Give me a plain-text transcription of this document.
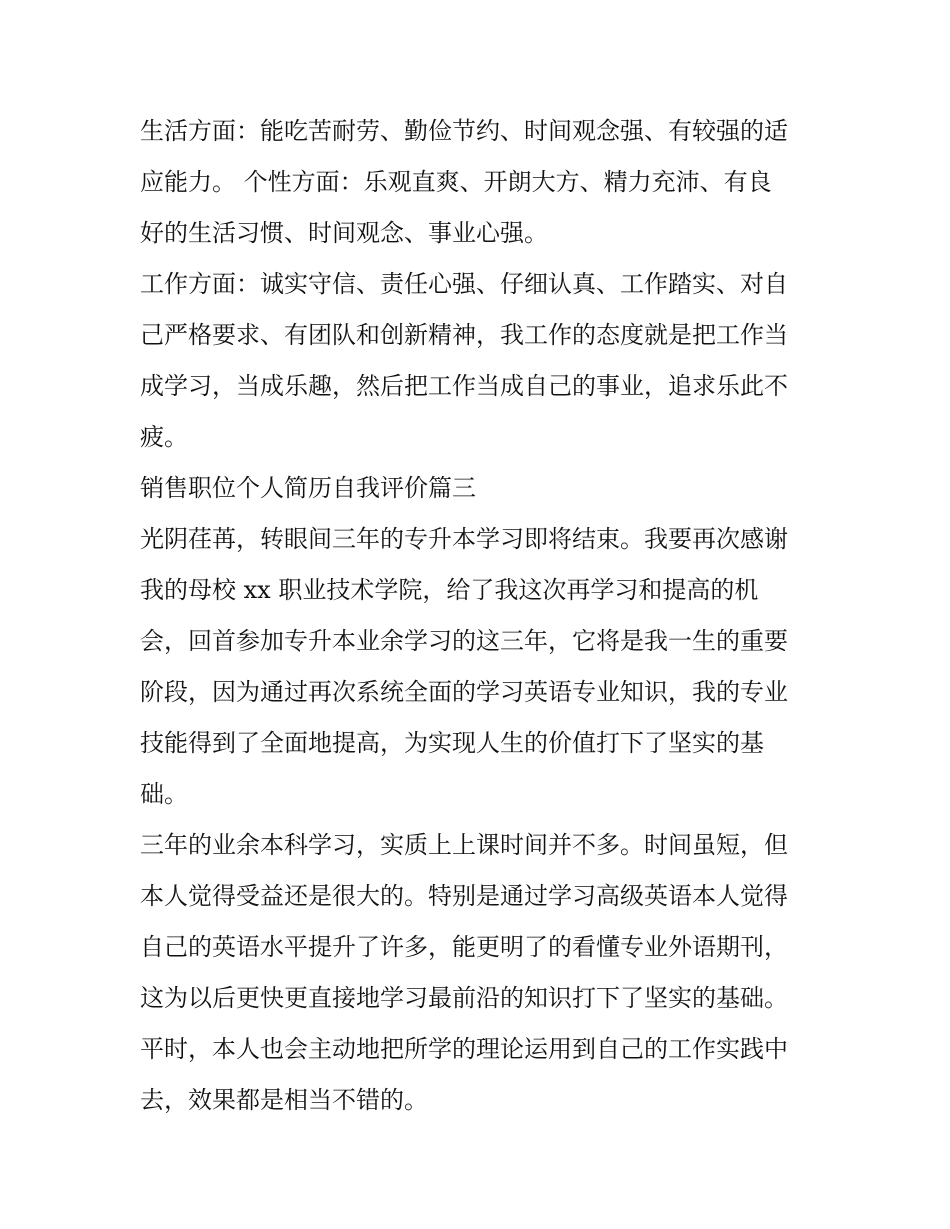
生活方面：能吃苦耐劳、勤俭节约、时间观念强、有较强的适

应能力。 个性方面：乐观直爽、开朗大方、精力充沛、有良

好的生活习惯、时间观念、事业心强。

工作方面：诚实守信、责任心强、仔细认真、工作踏实、对自

己严格要求、有团队和创新精神，我工作的态度就是把工作当

成学习，当成乐趣，然后把工作当成自己的事业，追求乐此不

疲。

销售职位个人简历自我评价篇三

光阴荏苒，转眼间三年的专升本学习即将结束。我要再次感谢

我的母校 xx 职业技术学院，给了我这次再学习和提高的机

会，回首参加专升本业余学习的这三年，它将是我一生的重要

阶段，因为通过再次系统全面的学习英语专业知识，我的专业

技能得到了全面地提高，为实现人生的价值打下了坚实的基

础。

三年的业余本科学习，实质上上课时间并不多。时间虽短，但

本人觉得受益还是很大的。特别是通过学习高级英语本人觉得

自己的英语水平提升了许多，能更明了的看懂专业外语期刊，

这为以后更快更直接地学习最前沿的知识打下了坚实的基础。

平时，本人也会主动地把所学的理论运用到自己的工作实践中

去，效果都是相当不错的。
